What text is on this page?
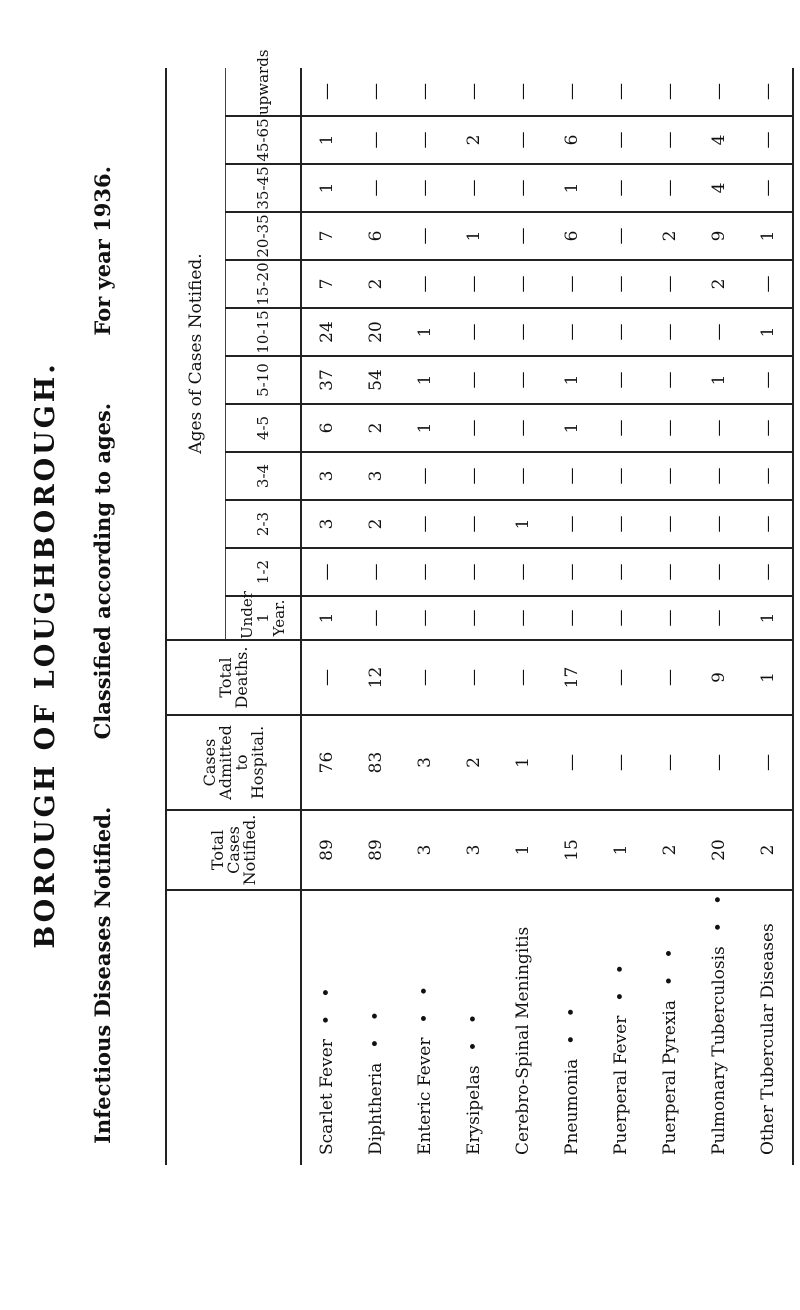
BOROUGH OF LOUGHBOROUGH.
Infectious Diseases Notified. Classified according to ages. For year 1936.
	Total Cases Notified.	Cases Admitted to Hospital.	Total Deaths.	Ages of Cases Notified.											
				Under 1 Year.	1-2	2-3	3-4	4-5	5-10	10-15	15-20	20-35	35-45	45-65	upwards
Scarlet Fever• •	89	76	—	1	—	3	3	6	37	24	7	7	1	1	—
Diphtheria• •	89	83	12	—	—	2	3	2	54	20	2	6	—	—	—
Enteric Fever• •	3	3	—	—	—	—	—	1	1	1	—	—	—	—	—
Erysipelas• •	3	2	—	—	—	—	—	—	—	—	—	1	—	2	—
Cerebro-Spinal Meningitis	1	1	—	—	—	1	—	—	—	—	—	—	—	—	—
Pneumonia• •	15	—	17	—	—	—	—	1	1	—	—	6	1	6	—
Puerperal Fever• •	1	—	—	—	—	—	—	—	—	—	—	—	—	—	—
Puerperal Pyrexia• •	2	—	—	—	—	—	—	—	—	—	—	2	—	—	—
Pulmonary Tuberculosis• •	20	—	9	—	—	—	—	—	1	—	2	9	4	4	—
Other Tubercular Diseases	2	—	1	1	—	—	—	—	—	1	—	1	—	—	—
